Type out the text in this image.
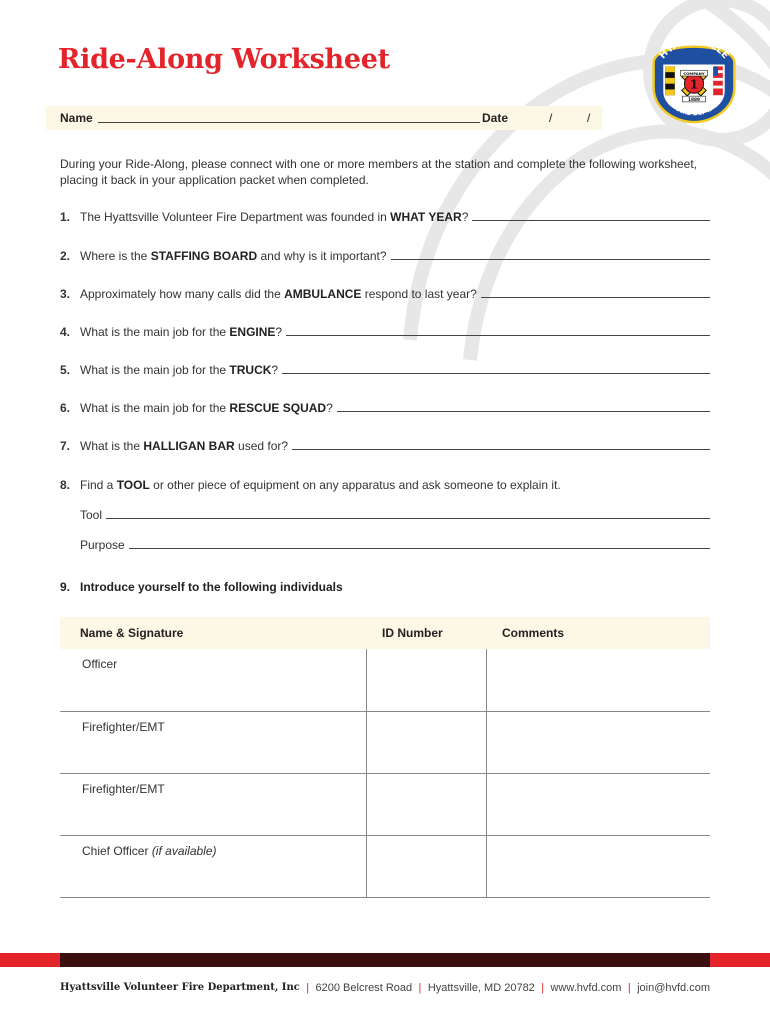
Ride-Along Worksheet
1
COMPANY
1889
HYATTSVILLE
FIRE DEPT.
Name	Date	/	/

During your Ride-Along, please connect with one or more members at the station and complete the following worksheet, placing it back in your application packet when completed.

1. The Hyattsville Volunteer Fire Department was founded in WHAT YEAR?
2. Where is the STAFFING BOARD and why is it important?
3. Approximately how many calls did the AMBULANCE respond to last year?
4. What is the main job for the ENGINE?
5. What is the main job for the TRUCK?
6. What is the main job for the RESCUE SQUAD?
7. What is the HALLIGAN BAR used for?
8. Find a TOOL or other piece of equipment on any apparatus and ask someone to explain it.
Tool
Purpose
9. Introduce yourself to the following individuals
Name & Signature	ID Number	Comments
Officer		
Firefighter/EMT		
Firefighter/EMT		
Chief Officer (if available)		
Hyattsville Volunteer Fire Department, Inc | 6200 Belcrest Road | Hyattsville, MD 20782 | www.hvfd.com | join@hvfd.com
